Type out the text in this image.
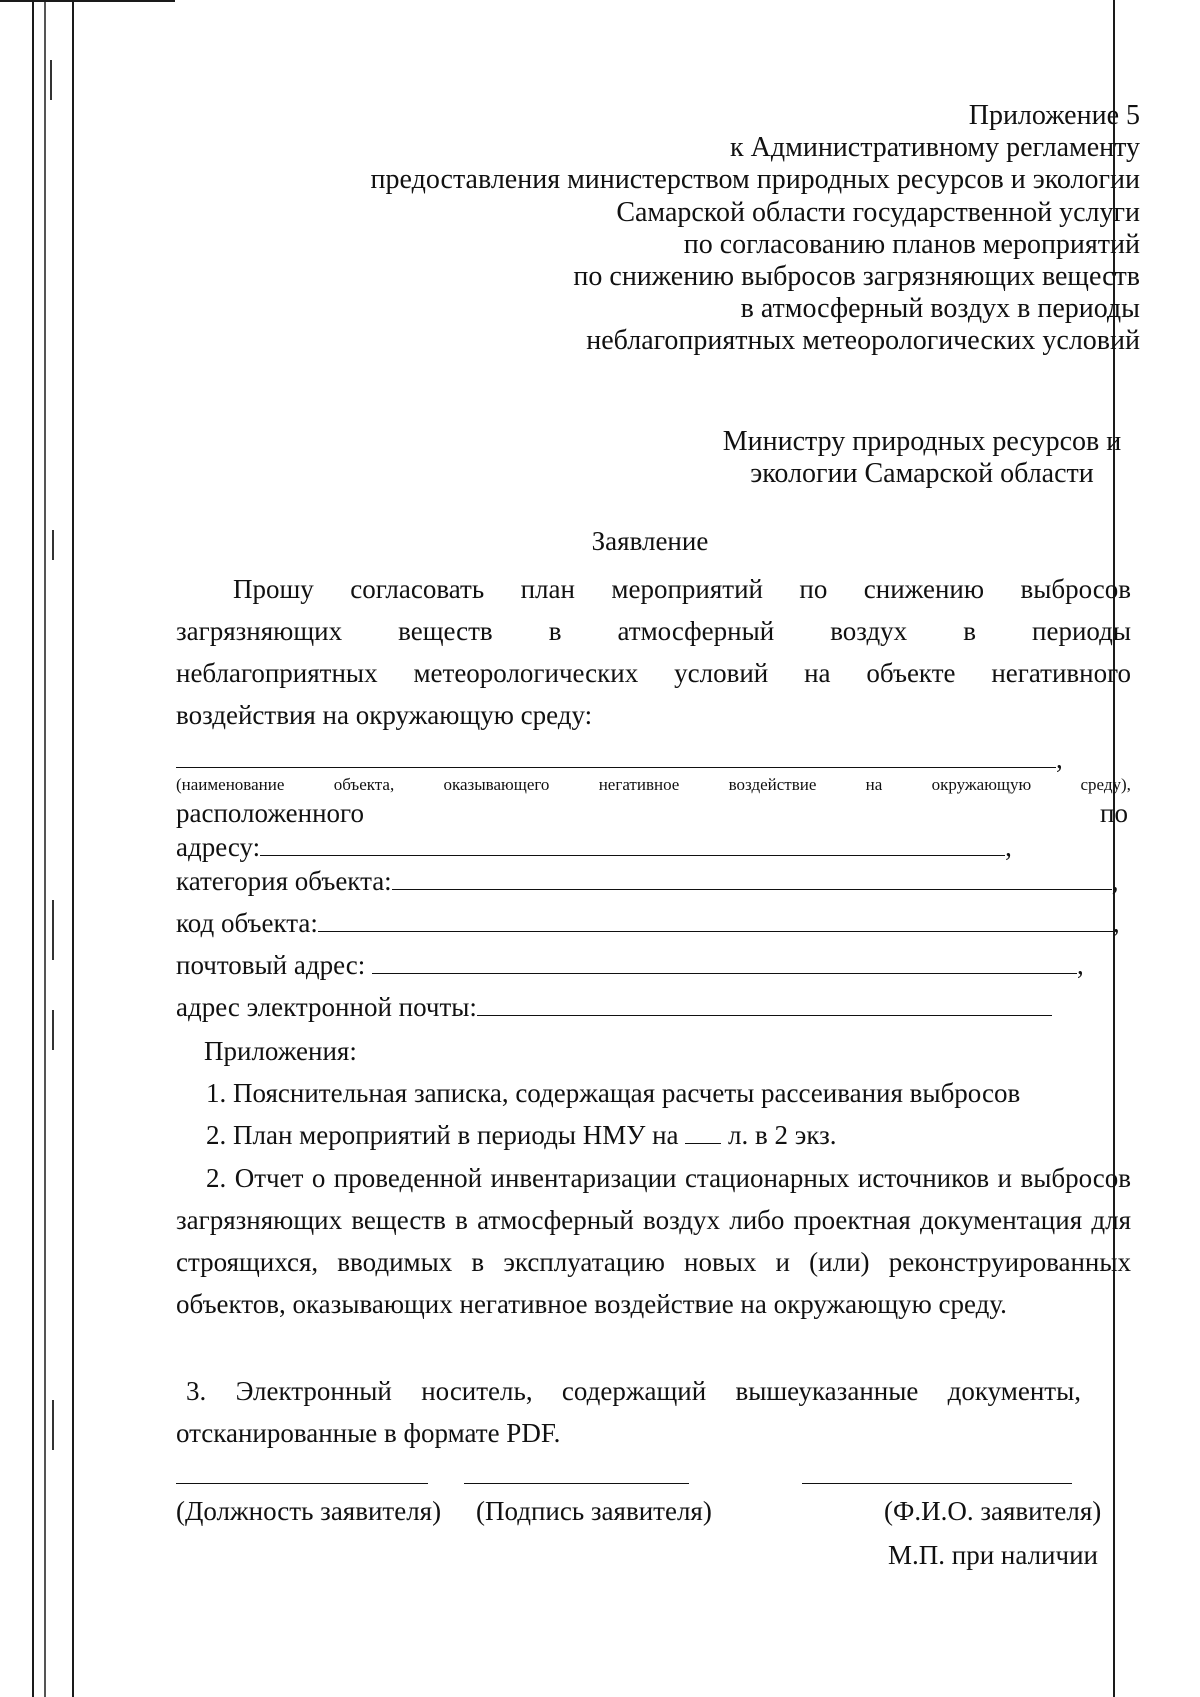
Приложение 5
к Административному регламенту
предоставления министерством природных ресурсов и экологии
Самарской области государственной услуги
по согласованию планов мероприятий
по снижению выбросов загрязняющих веществ
в атмосферный воздух в периоды
неблагоприятных метеорологических условий
Министру природных ресурсов и
экологии Самарской области
Заявление
Прошу согласовать план мероприятий по снижению выбросов
загрязняющих веществ в атмосферный воздух в периоды
неблагоприятных метеорологических условий на объекте негативного
воздействия на окружающую среду:
,
(наименование	объекта,	оказывающего	негативное	воздействие	на	окружающую	среду),
расположенного	по
адресу:	,
категория объекта:	,
код объекта:	,
почтовый адрес:	,
адрес электронной почты:
Приложения:
1. Пояснительная записка, содержащая расчеты рассеивания выбросов
2. План мероприятий в периоды НМУ на  л. в 2 экз.
2. Отчет о проведенной инвентаризации стационарных источников и выбросов загрязняющих веществ в атмосферный воздух либо проектная документация для строящихся, вводимых в эксплуатацию новых и (или) реконструированных объектов, оказывающих негативное воздействие на окружающую среду.
3. Электронный носитель, содержащий вышеуказанные документы, отсканированные в формате PDF.
(Должность заявителя) (Подпись заявителя)	(Ф.И.О. заявителя)
М.П. при наличии
